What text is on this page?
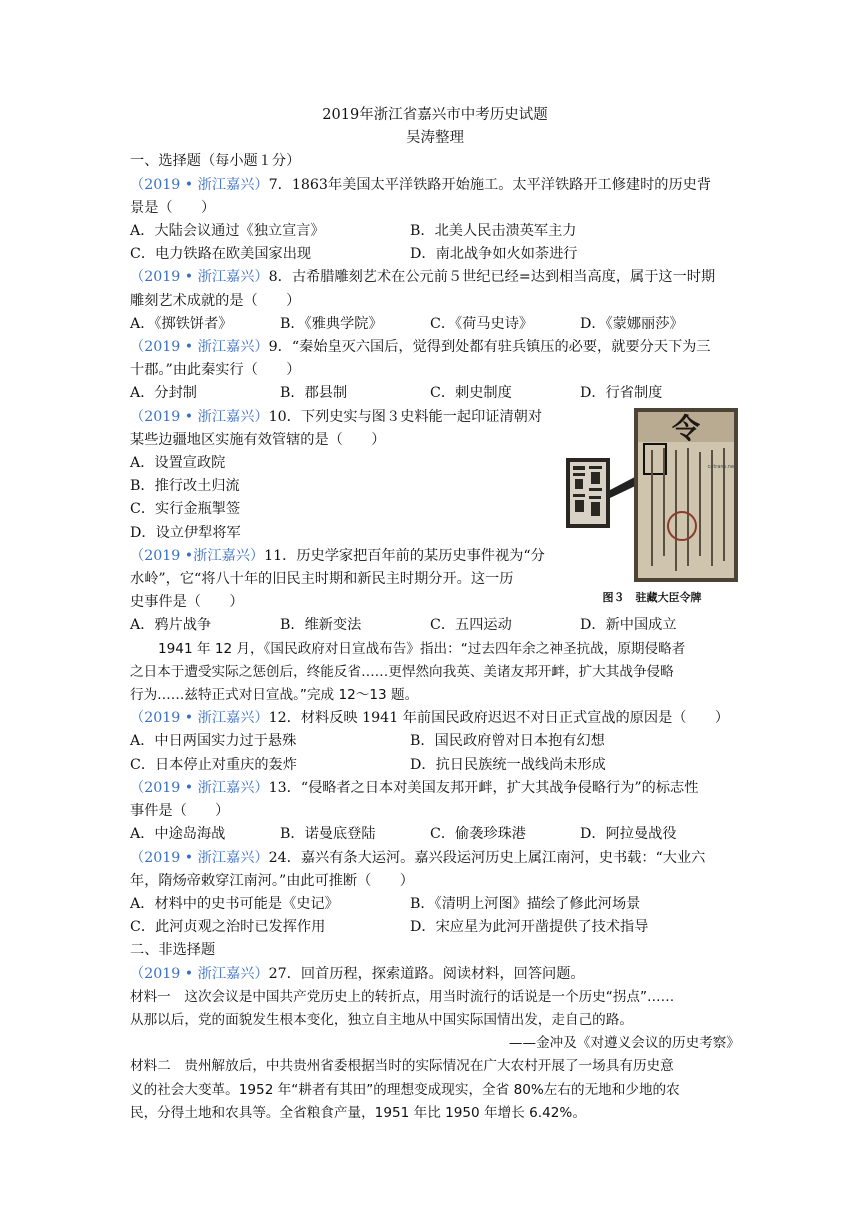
2019年浙江省嘉兴市中考历史试题
吴涛整理
一、选择题（每小题１分）
（2019 • 浙江嘉兴）7．1863年美国太平洋铁路开始施工。太平洋铁路开工修建时的历史背
景是（　　）
A．大陆会议通过《独立宣言》	B．北美人民击溃英军主力
C．电力铁路在欧美国家出现	D．南北战争如火如荼进行
（2019 • 浙江嘉兴）8．古希腊雕刻艺术在公元前５世纪已经=达到相当高度，属于这一时期
雕刻艺术成就的是（　　）
A．《掷铁饼者》	B．《雅典学院》	C．《荷马史诗》	D．《蒙娜丽莎》
（2019 • 浙江嘉兴）9．“秦始皇灭六国后，觉得到处都有驻兵镇压的必要，就要分天下为三
十郡。”由此秦实行（　　）
A．分封制	B．郡县制	C．刺史制度	D．行省制度
（2019 • 浙江嘉兴）10．下列史实与图３史料能一起印证清朝对
某些边疆地区实施有效管辖的是（　　）
A．设置宣政院
B．推行改土归流
C．实行金瓶掣签
D．设立伊犁将军
（2019 •浙江嘉兴）11．历史学家把百年前的某历史事件视为“分
令
catrans.net
图３　驻藏大臣令牌
水岭”，它“将八十年的旧民主时期和新民主时期分开。这一历
史事件是（　　）
A．鸦片战争	B．维新变法	C．五四运动	D．新中国成立
1941 年 12 月，《国民政府对日宣战布告》指出：“过去四年余之神圣抗战，原期侵略者
之日本于遭受实际之惩创后，终能反省……更悍然向我英、美诸友邦开衅，扩大其战争侵略
行为……兹特正式对日宣战。”完成 12～13 题。
（2019 • 浙江嘉兴）12．材料反映 1941 年前国民政府迟迟不对日正式宣战的原因是（　　）
A．中日两国实力过于悬殊	B．国民政府曾对日本抱有幻想
C．日本停止对重庆的轰炸	D．抗日民族统一战线尚未形成
（2019 • 浙江嘉兴）13．“侵略者之日本对美国友邦开衅，扩大其战争侵略行为”的标志性
事件是（　　）
A．中途岛海战	B．诺曼底登陆	C．偷袭珍珠港	D．阿拉曼战役
（2019 • 浙江嘉兴）24．嘉兴有条大运河。嘉兴段运河历史上属江南河，史书载：“大业六
年，隋炀帝敕穿江南河。”由此可推断（　　）
A．材料中的史书可能是《史记》	B．《清明上河图》描绘了修此河场景
C．此河贞观之治时已发挥作用	D．宋应星为此河开凿提供了技术指导
二、非选择题
（2019 • 浙江嘉兴）27．回首历程，探索道路。阅读材料，回答问题。
材料一　这次会议是中国共产党历史上的转折点，用当时流行的话说是一个历史“拐点”……
从那以后，党的面貌发生根本变化，独立自主地从中国实际国情出发，走自己的路。
——金冲及《对遵义会议的历史考察》
材料二　贵州解放后，中共贵州省委根据当时的实际情况在广大农村开展了一场具有历史意
义的社会大变革。1952 年“耕者有其田”的理想变成现实，全省 80%左右的无地和少地的农
民，分得土地和农具等。全省粮食产量，1951 年比 1950 年增长 6.42%。
